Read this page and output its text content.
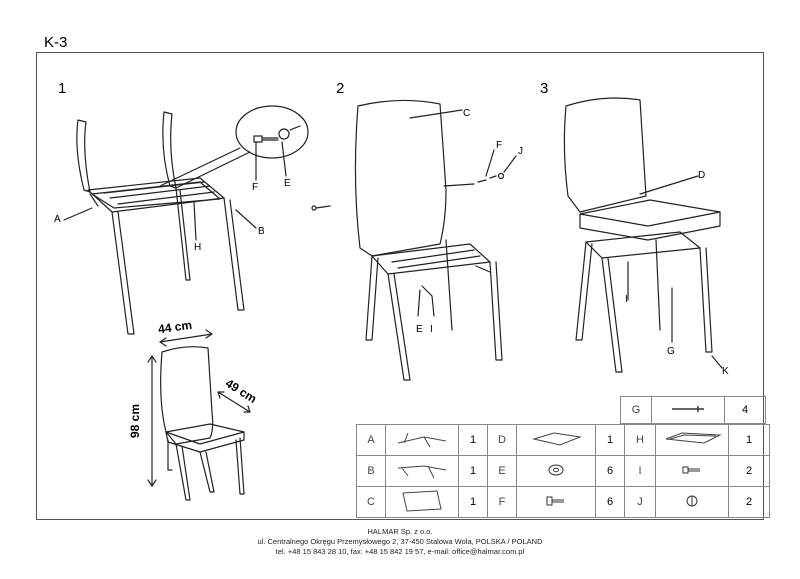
K-3
1	2	3
A
B
H
F	E
C
F
J
E I
D
I
G
K
44 cm
49 cm
98 cm	G		4
A		1	D		1	H		1
B		1	E		6	I		2
C		1	F		6	J		2
HALMAR Sp. z o.o.
ul. Centralnego Okręgu Przemysłowego 2, 37-450 Stalowa Wola, POLSKA / POLAND
tel. +48 15 843 28 10, fax: +48 15 842 19 57, e-mail: office@halmar.com.pl
